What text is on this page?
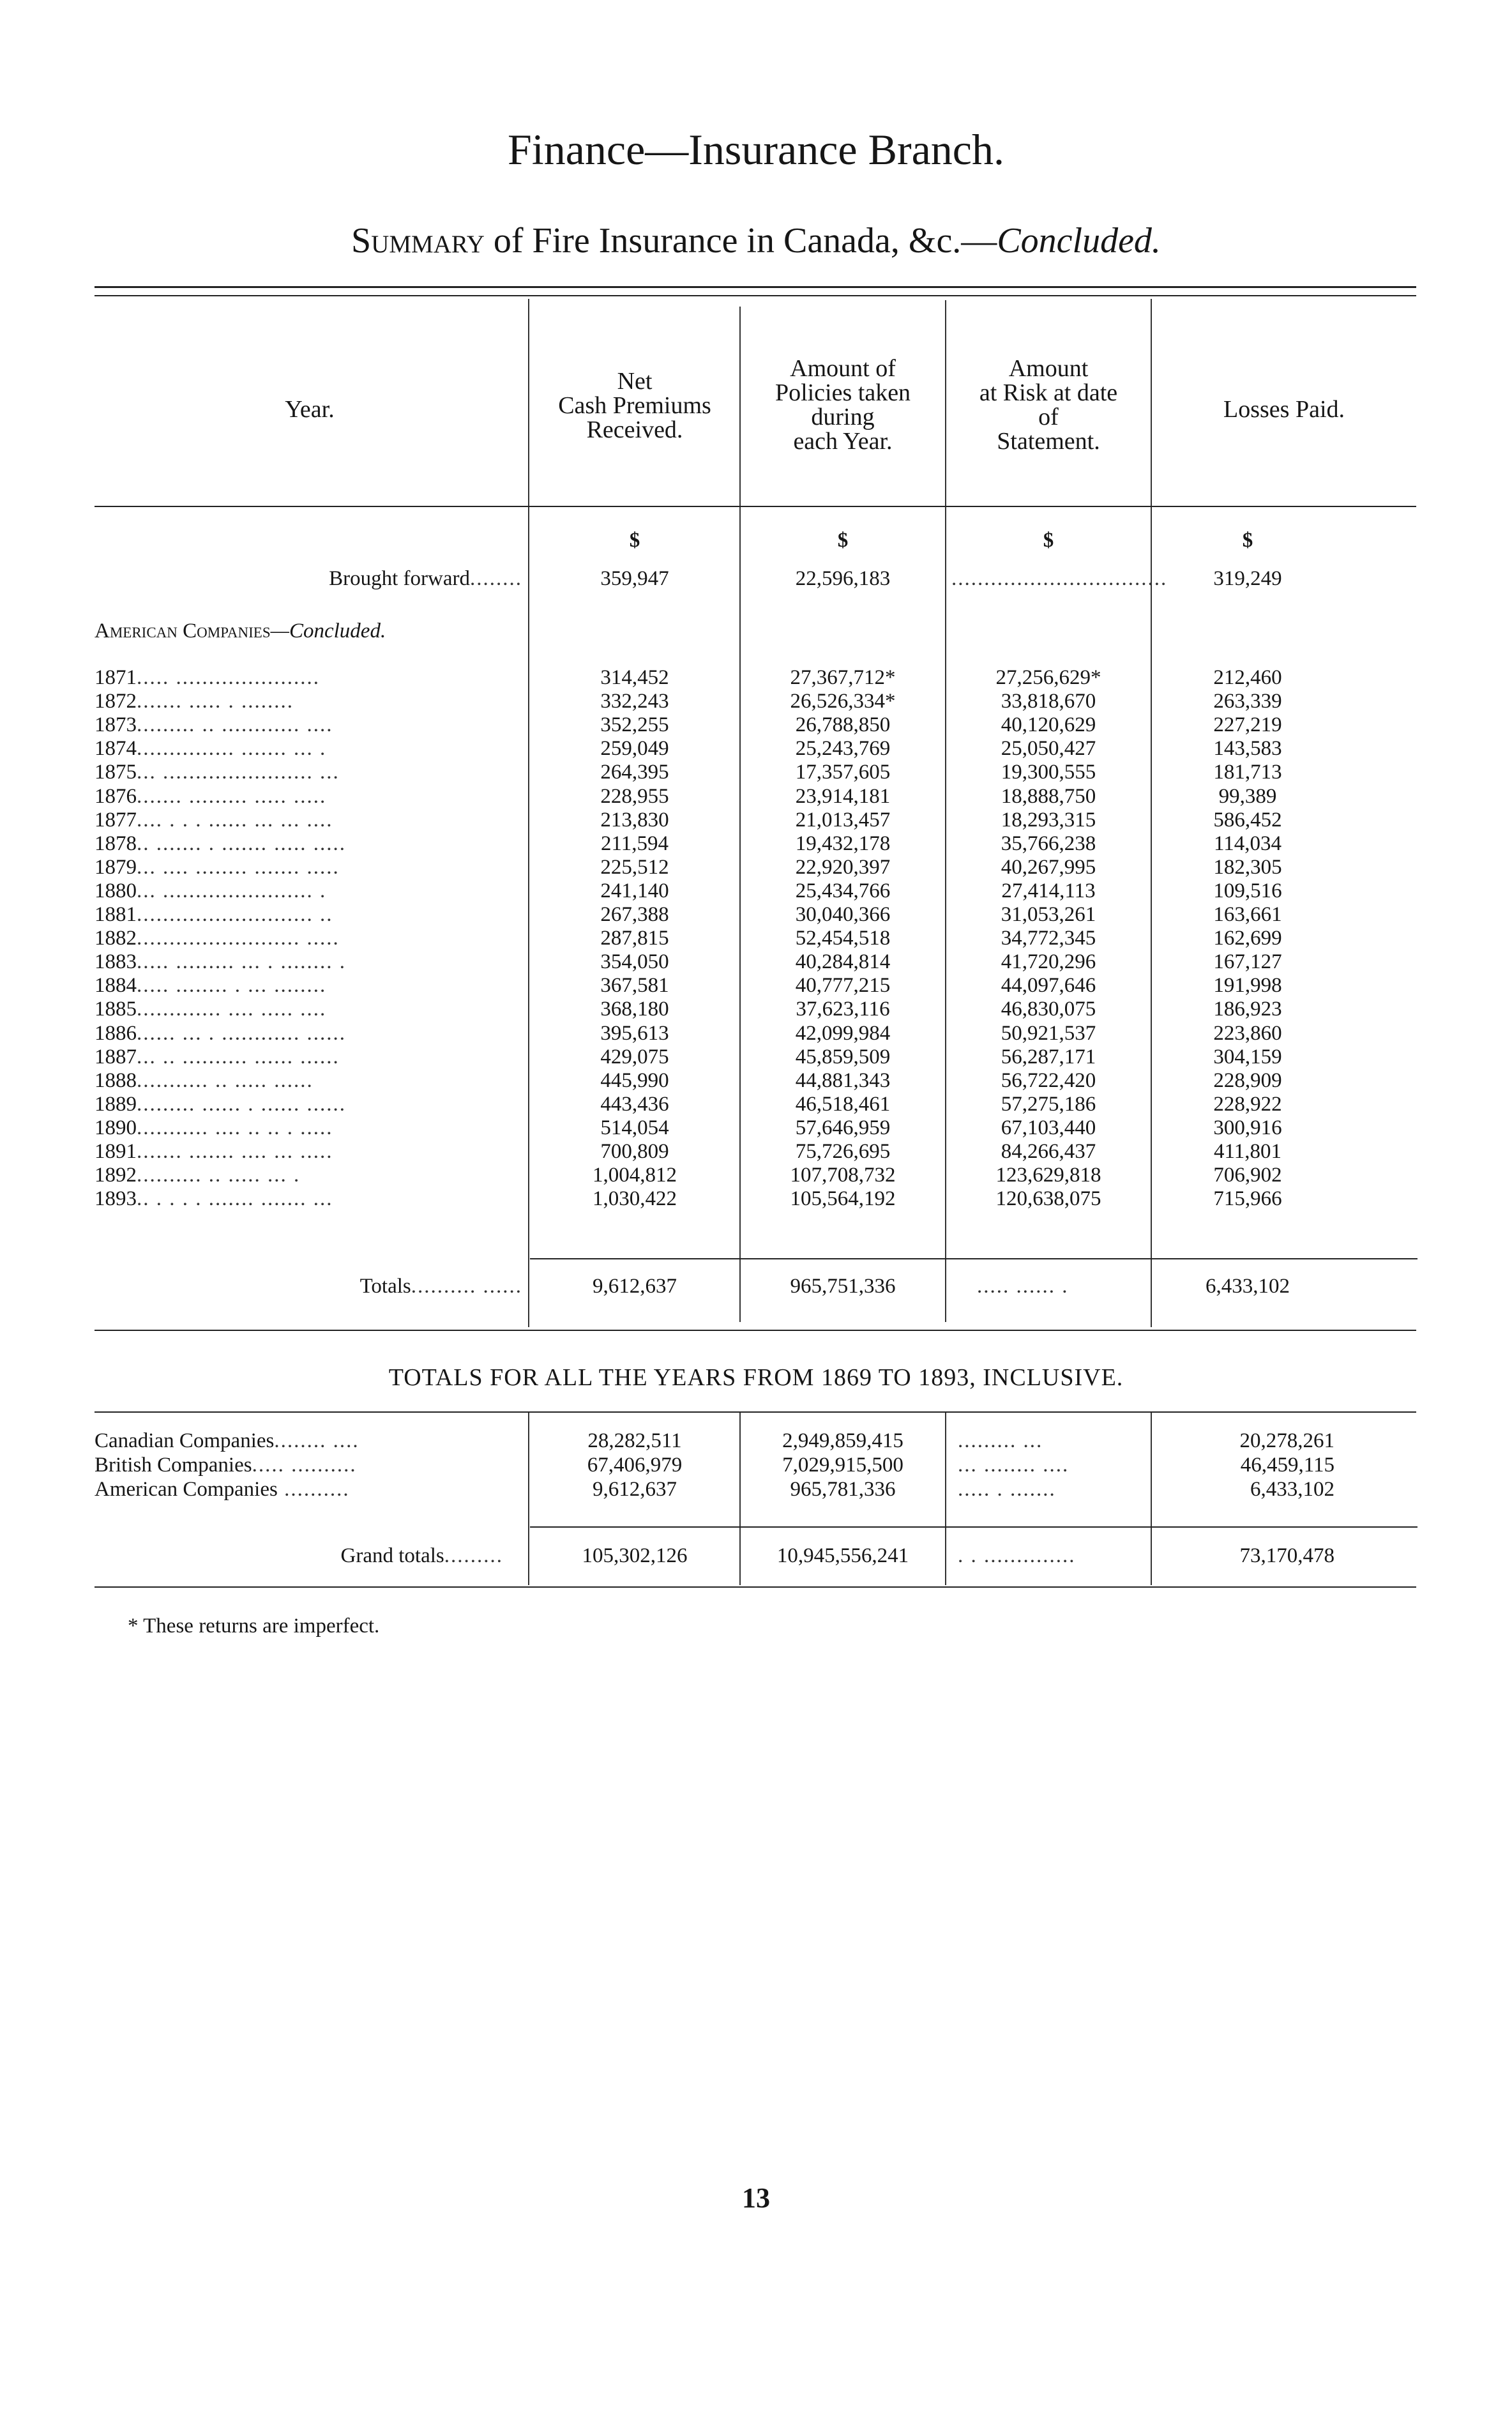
Finance—Insurance Branch.
Summary of Fire Insurance in Canada, &c.—Concluded.
Year.
Net
Cash Premiums
Received.
Amount of
Policies taken
during
each Year.
Amount
at Risk at date
of
Statement.
Losses Paid.
$	$	$	$
Brought forward........	359,947	22,596,183	.................................	319,249
American Companies—Concluded.
1871..... ......................	314,452	27,367,712*	27,256,629*	212,460
1872....... ..... . ........	332,243	26,526,334*	33,818,670	263,339
1873......... .. ............ ....	352,255	26,788,850	40,120,629	227,219
1874............... ....... ... .	259,049	25,243,769	25,050,427	143,583
1875... ....................... ...	264,395	17,357,605	19,300,555	181,713
1876....... ......... ..... .....	228,955	23,914,181	18,888,750	99,389
1877.... . . . ...... ... ... ....	213,830	21,013,457	18,293,315	586,452
1878.. ....... . ....... ..... .....	211,594	19,432,178	35,766,238	114,034
1879... .... ........ ....... .....	225,512	22,920,397	40,267,995	182,305
1880... ....................... .	241,140	25,434,766	27,414,113	109,516
1881........................... ..	267,388	30,040,366	31,053,261	163,661
1882......................... .....	287,815	52,454,518	34,772,345	162,699
1883..... ......... ... . ........ .	354,050	40,284,814	41,720,296	167,127
1884..... ........ . ... ........	367,581	40,777,215	44,097,646	191,998
1885............. .... ..... ....	368,180	37,623,116	46,830,075	186,923
1886...... ... . ............ ......	395,613	42,099,984	50,921,537	223,860
1887... .. .......... ...... ......	429,075	45,859,509	56,287,171	304,159
1888........... .. ..... ......	445,990	44,881,343	56,722,420	228,909
1889......... ...... . ...... ......	443,436	46,518,461	57,275,186	228,922
1890........... .... .. .. . .....	514,054	57,646,959	67,103,440	300,916
1891....... ....... .... ... .....	700,809	75,726,695	84,266,437	411,801
1892.......... .. ..... ... .	1,004,812	107,708,732	123,629,818	706,902
1893.. . . . . ....... ....... ...	1,030,422	105,564,192	120,638,075	715,966
Totals.......... ......	9,612,637	965,751,336	..... ...... .	6,433,102
TOTALS FOR ALL THE YEARS FROM 1869 TO 1893, INCLUSIVE.
Canadian Companies........ ....	28,282,511	2,949,859,415	......... ...	20,278,261
British Companies..... ..........	67,406,979	7,029,915,500	... ........ ....	46,459,115
American Companies ..........	9,612,637	965,781,336	..... . .......	6,433,102
Grand totals.........	105,302,126	10,945,556,241	. . ..............	73,170,478
* These returns are imperfect.
13
